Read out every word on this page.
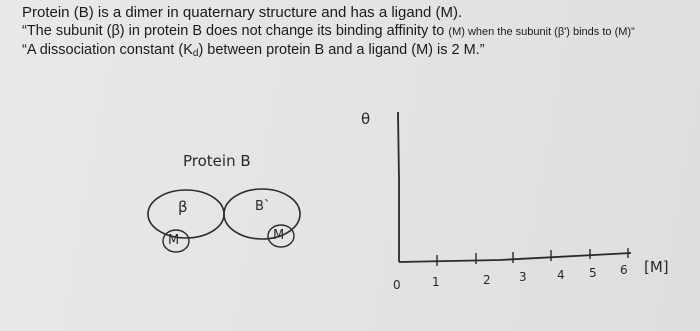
Protein (B) is a dimer in quaternary structure and has a ligand (M).
“The subunit (β) in protein B does not change its binding affinity to (M) when the subunit (β') binds to (M)”
“A dissociation constant $(K_d)$ between protein B and a ligand (M) is 2 M.”
Protein B
β	B`
M	M
θ
[M]
0	1	2 3	4 5 6
